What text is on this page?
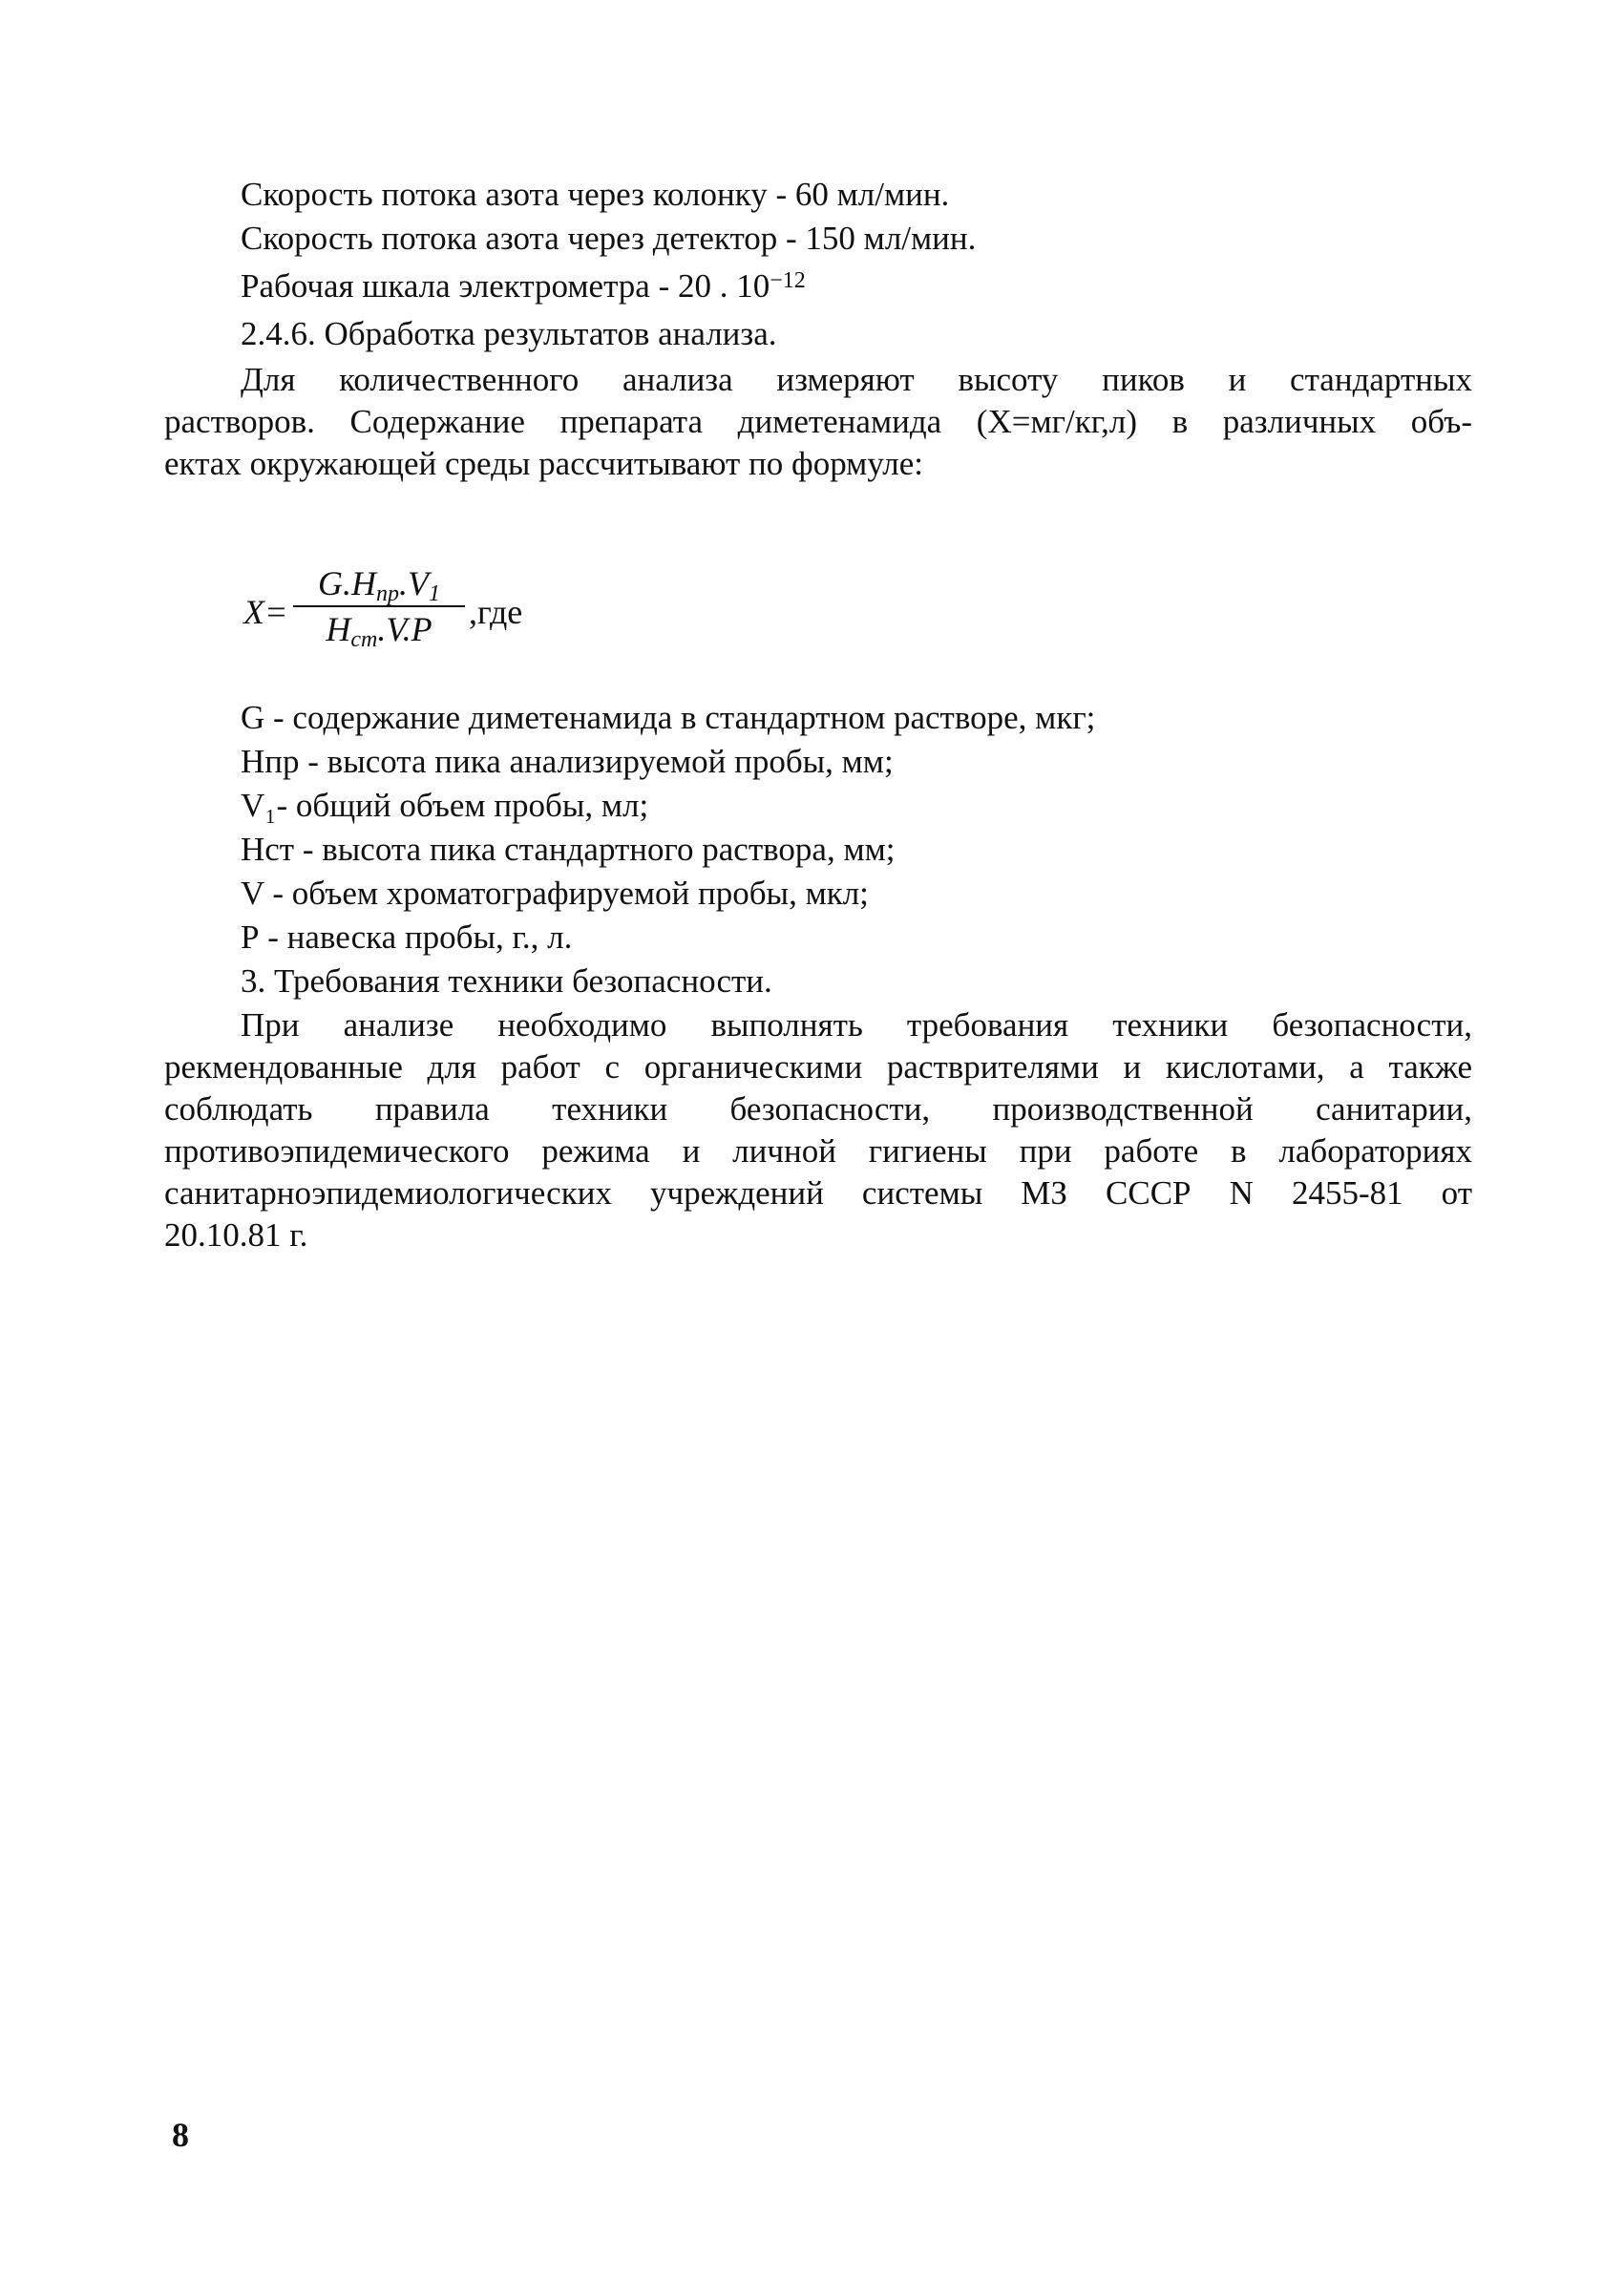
Скорость потока азота через колонку - 60 мл/мин.
Скорость потока азота через детектор - 150 мл/мин.
Рабочая шкала электрометра - 20 . $10^{-12}$
2.4.6. Обработка результатов анализа.
Для количественного анализа измеряют высоту пиков и стандартных
растворов. Содержание препарата диметенамида (Х=мг/кг,л) в различных объ-
ектах окружающей среды рассчитывают по формуле:
X=
G.Hпр.V1
Hcm.V.P	,где
G - содержание диметенамида в стандартном растворе, мкг;
Нпр - высота пика анализируемой пробы, мм;
V₁- общий объем пробы, мл;
Нст - высота пика стандартного раствора, мм;
V - объем хроматографируемой пробы, мкл;
Р - навеска пробы, г., л.
3. Требования техники безопасности.
При анализе необходимо выполнять требования техники безопасности,
рекмендованные для работ с органическими растврителями и кислотами, а также
соблюдать правила техники безопасности, производственной санитарии,
противоэпидемического режима и личной гигиены при работе в лабораториях
санитарноэпидемиологических учреждений системы МЗ СССР N 2455-81 от
20.10.81 г.
8
